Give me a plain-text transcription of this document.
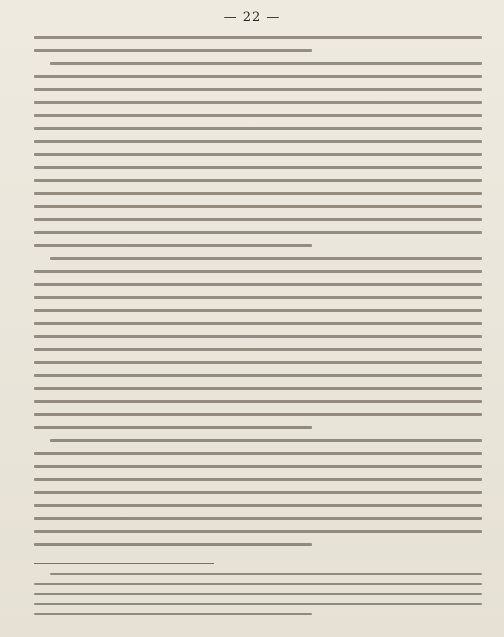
— 22 —
